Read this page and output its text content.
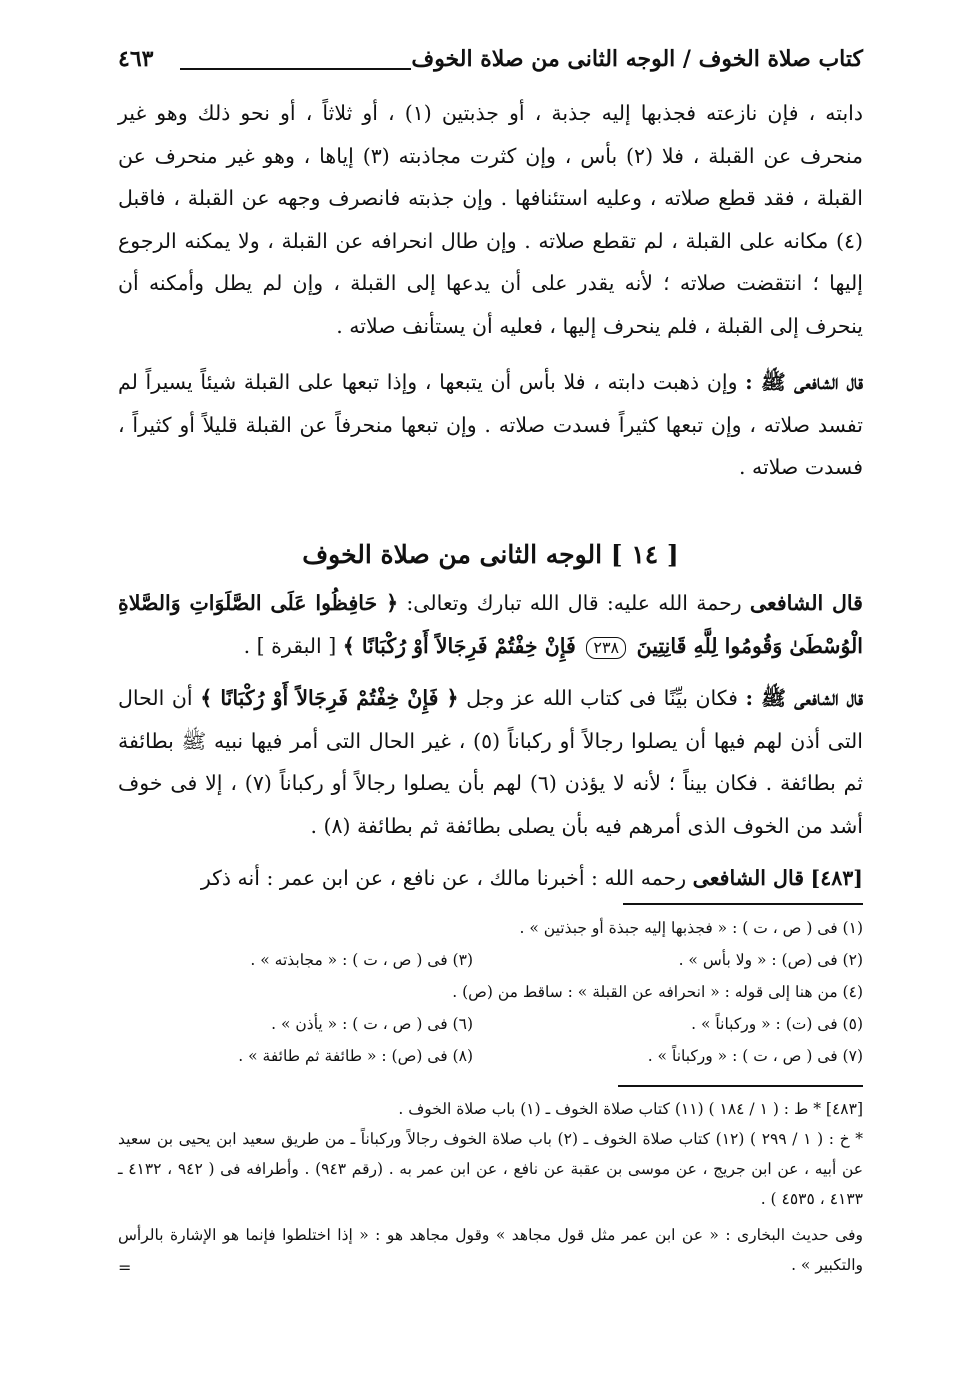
كتاب صلاة الخوف / الوجه الثانى من صلاة الخوف
٤٦٣

دابته ، فإن نازعته فجذبها إليه جذبة ، أو جذبتين (١) ، أو ثلاثاً ، أو نحو ذلك وهو غير منحرف عن القبلة ، فلا (٢) بأس ، وإن كثرت مجاذبته (٣) إياها ، وهو غير منحرف عن القبلة ، فقد قطع صلاته ، وعليه استئنافها . وإن جذبته فانصرف وجهه عن القبلة ، فاقبل (٤) مكانه على القبلة ، لم تقطع صلاته . وإن طال انحرافه عن القبلة ، ولا يمكنه الرجوع إليها ؛ انتقضت صلاته ؛ لأنه يقدر على أن يدعها إلى القبلة ، وإن لم يطل وأمكنه أن ينحرف إلى القبلة ، فلم ينحرف إليها ، فعليه أن يستأنف صلاته .

قال الشافعى ﷺ : وإن ذهبت دابته ، فلا بأس أن يتبعها ، وإذا تبعها على القبلة شيئاً يسيراً لم تفسد صلاته ، وإن تبعها كثيراً فسدت صلاته . وإن تبعها منحرفاً عن القبلة قليلاً أو كثيراً ، فسدت صلاته .

[ ١٤ ] الوجه الثانى من صلاة الخوف

قال الشافعى رحمة الله عليه: قال الله تبارك وتعالى: ﴿ حَافِظُوا عَلَى الصَّلَوَاتِ وَالصَّلاةِ الْوُسْطَىٰ وَقُومُوا لِلَّهِ قَانِتِينَ ٢٣٨ فَإِنْ خِفْتُمْ فَرِجَالاً أَوْ رُكْبَانًا ﴾ [ البقرة ] .

قال الشافعى ﷺ : فكان بيِّنًا فى كتاب الله عز وجل ﴿ فَإِنْ خِفْتُمْ فَرِجَالاً أَوْ رُكْبَانًا ﴾ أن الحال التى أذن لهم فيها أن يصلوا رجالاً أو ركباناً (٥) ، غير الحال التى أمر فيها نبيه ﷺ بطائفة ثم بطائفة . فكان بيناً ؛ لأنه لا يؤذن (٦) لهم بأن يصلوا رجالاً أو ركباناً (٧) ، إلا فى خوف أشد من الخوف الذى أمرهم فيه بأن يصلى بطائفة ثم بطائفة (٨) .

[٤٨٣] قال الشافعى رحمه الله : أخبرنا مالك ، عن نافع ، عن ابن عمر : أنه ذكر

(١) فى ( ص ، ت ) : « فجذبها إليه جبذة أو جبذتين » .
(٢) فى (ص) : « ولا بأس » .
(٣) فى ( ص ، ت ) : « مجابذته » .
(٤) من هنا إلى قوله : « انحرافه عن القبلة » : ساقط من (ص) .
(٥) فى (ت) : « وركباناً » .
(٦) فى ( ص ، ت ) : « يأذن » .
(٧) فى ( ص ، ت ) : « وركباناً » .
(٨) فى (ص) : « طائفة ثم طائفة » .

[٤٨٣] * ط : ( ١ / ١٨٤ ) (١١) كتاب صلاة الخوف ـ (١) باب صلاة الخوف .

* خ : ( ١ / ٢٩٩ ) (١٢) كتاب صلاة الخوف ـ (٢) باب صلاة الخوف رجالاً وركباناً ـ من طريق سعيد ابن يحيى بن سعيد عن أبيه ، عن ابن جريج ، عن موسى بن عقبة عن نافع ، عن ابن عمر به . (رقم ٩٤٣) . وأطرافه فى ( ٩٤٢ ، ٤١٣٢ ـ ٤١٣٣ ، ٤٥٣٥ ) .

وفى حديث البخارى : « عن ابن عمر مثل قول مجاهد » وقول مجاهد هو : « إذا اختلطوا فإنما هو الإشارة بالرأس والتكبير » .

=
